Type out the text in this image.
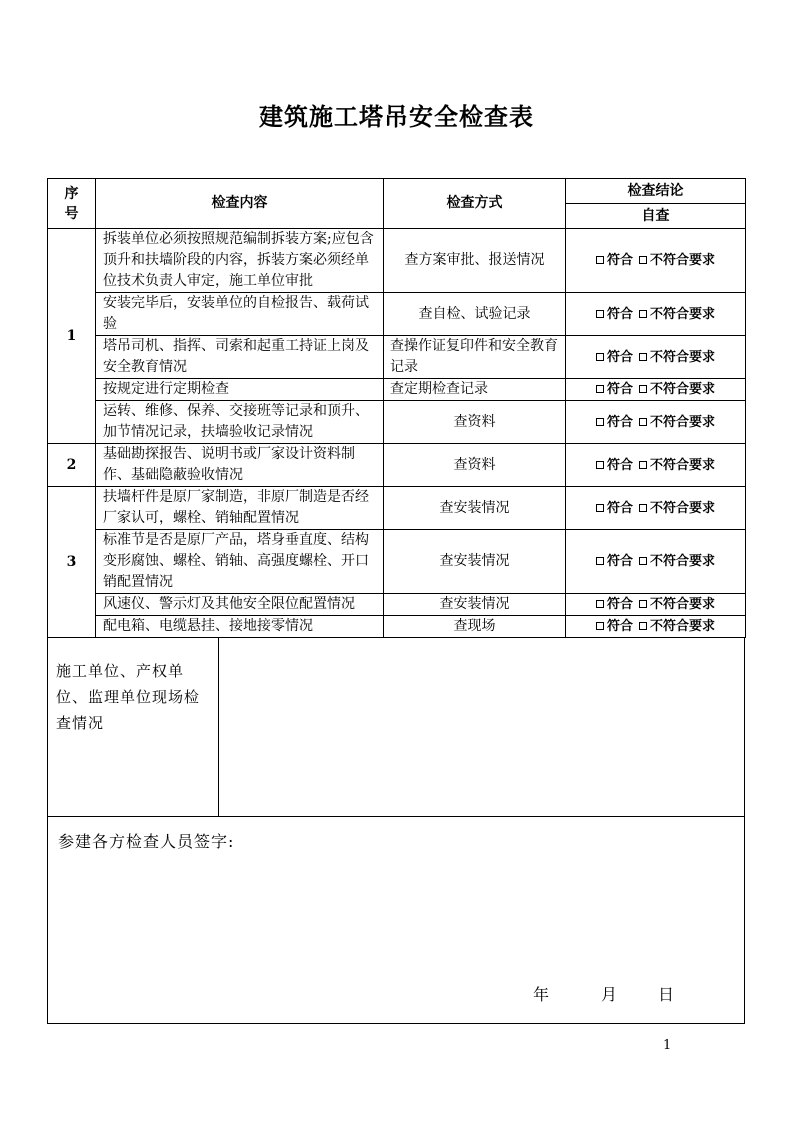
建筑施工塔吊安全检查表
序号	检查内容	检查方式	检查结论
			自查
1	拆装单位必须按照规范编制拆装方案;应包含顶升和扶墙阶段的内容，拆装方案必须经单位技术负责人审定，施工单位审批	查方案审批、报送情况	符合 不符合要求
	安装完毕后，安装单位的自检报告、载荷试验	查自检、试验记录	符合 不符合要求
	塔吊司机、指挥、司索和起重工持证上岗及安全教育情况	查操作证复印件和安全教育记录	符合 不符合要求
	按规定进行定期检查	查定期检查记录	符合 不符合要求
	运转、维修、保养、交接班等记录和顶升、加节情况记录，扶墙验收记录情况	查资料	符合 不符合要求
2	基础勘探报告、说明书或厂家设计资料制作、基础隐蔽验收情况	查资料	符合 不符合要求
3	扶墙杆件是原厂家制造，非原厂制造是否经厂家认可，螺栓、销轴配置情况	查安装情况	符合 不符合要求
	标准节是否是原厂产品，塔身垂直度、结构变形腐蚀、螺栓、销轴、高强度螺栓、开口销配置情况	查安装情况	符合 不符合要求
	风速仪、警示灯及其他安全限位配置情况	查安装情况	符合 不符合要求
	配电箱、电缆悬挂、接地接零情况	查现场	符合 不符合要求
施工单位、产权单位、监理单位现场检查情况
参建各方检查人员签字:
年	月	日
1
